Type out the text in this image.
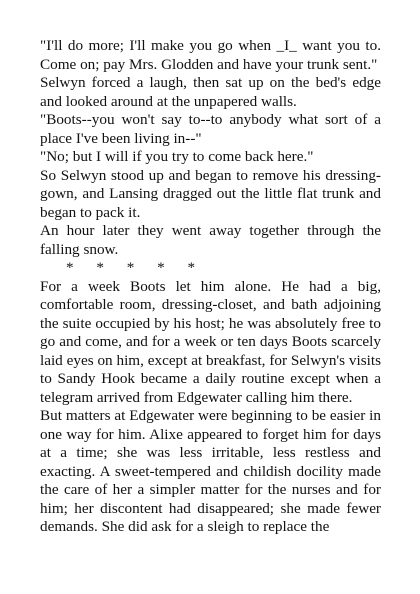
"I'll do more; I'll make you go when _I_ want you to. Come on; pay Mrs. Glodden and have your trunk sent."

Selwyn forced a laugh, then sat up on the bed's edge and looked around at the unpapered walls.

"Boots--you won't say to--to anybody what sort of a place I've been living in--"

"No; but I will if you try to come back here."

So Selwyn stood up and began to remove his dressing-gown, and Lansing dragged out the little flat trunk and began to pack it.

An hour later they went away together through the falling snow.

*      *      *      *      *

For a week Boots let him alone. He had a big, comfortable room, dressing-closet, and bath adjoining the suite occupied by his host; he was absolutely free to go and come, and for a week or ten days Boots scarcely laid eyes on him, except at breakfast, for Selwyn's visits to Sandy Hook became a daily routine except when a telegram arrived from Edgewater calling him there.

But matters at Edgewater were beginning to be easier in one way for him. Alixe appeared to forget him for days at a time; she was less irritable, less restless and exacting. A sweet-tempered and childish docility made the care of her a simpler matter for the nurses and for him; her discontent had disappeared; she made fewer demands. She did ask for a sleigh to replace the
